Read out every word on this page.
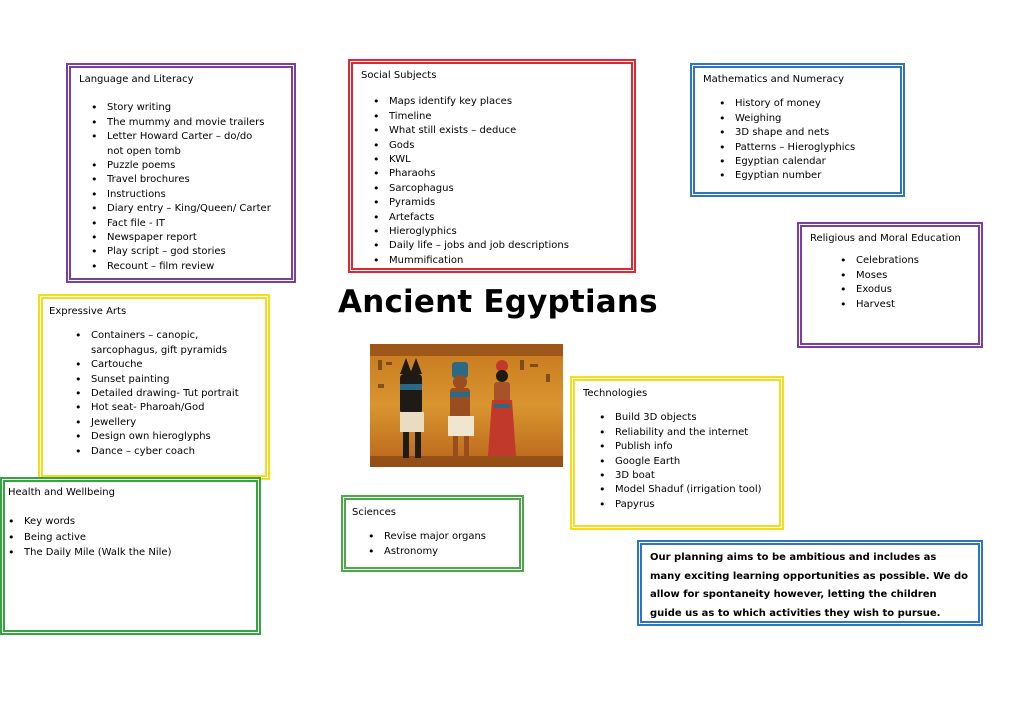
Language and Literacy
• Story writing
• The mummy and movie trailers
• Letter Howard Carter – do/do
not open tomb
• Puzzle poems
• Travel brochures
• Instructions
• Diary entry – King/Queen/ Carter
• Fact file - IT
• Newspaper report
• Play script – god stories
• Recount – film review
Social Subjects
• Maps identify key places
• Timeline
• What still exists – deduce
• Gods
• KWL
• Pharaohs
• Sarcophagus
• Pyramids
• Artefacts
• Hieroglyphics
• Daily life – jobs and job descriptions
• Mummification
Mathematics and Numeracy
• History of money
• Weighing
• 3D shape and nets
• Patterns – Hieroglyphics
• Egyptian calendar
• Egyptian number
Religious and Moral Education
• Celebrations
• Moses
• Exodus
• Harvest
Expressive Arts
• Containers – canopic,
sarcophagus, gift pyramids
• Cartouche
• Sunset painting
• Detailed drawing- Tut portrait
• Hot seat- Pharoah/God
• Jewellery
• Design own hieroglyphs
• Dance – cyber coach
Ancient Egyptians
Technologies
• Build 3D objects
• Reliability and the internet
• Publish info
• Google Earth
• 3D boat
• Model Shaduf (irrigation tool)
• Papyrus
Health and Wellbeing
• Key words
• Being active
• The Daily Mile (Walk the Nile)
Sciences
• Revise major organs
• Astronomy
Our planning aims to be ambitious and includes as many exciting learning opportunities as possible. We do allow for spontaneity however, letting the children guide us as to which activities they wish to pursue.
